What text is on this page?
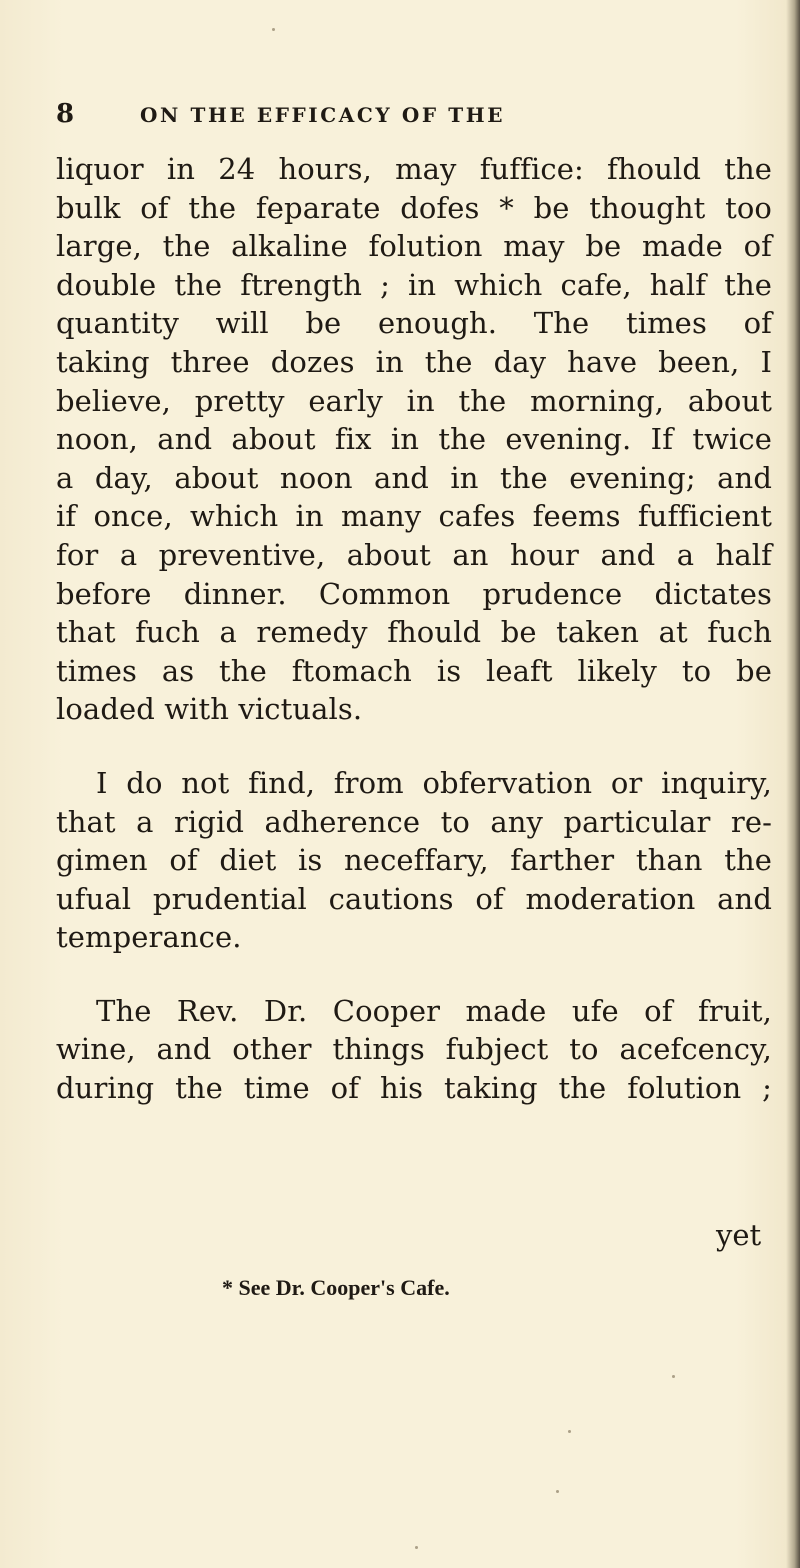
8	ON THE EFFICACY OF THE
liquor in 24 hours, may fuffice: fhould the
bulk of the feparate dofes * be thought too
large, the alkaline folution may be made of
double the ftrength ; in which cafe, half the
quantity will be enough. The times of
taking three dozes in the day have been, I
believe, pretty early in the morning, about
noon, and about fix in the evening. If twice
a day, about noon and in the evening; and
if once, which in many cafes feems fufficient
for a preventive, about an hour and a half
before dinner. Common prudence dictates
that fuch a remedy fhould be taken at fuch
times as the ftomach is leaft likely to be
loaded with victuals.
I do not find, from obfervation or inquiry,
that a rigid adherence to any particular re-
gimen of diet is neceffary, farther than the
ufual prudential cautions of moderation and
temperance.
The Rev. Dr. Cooper made ufe of fruit,
wine, and other things fubject to acefcency,
during the time of his taking the folution ;
yet
* See Dr. Cooper's Cafe.
